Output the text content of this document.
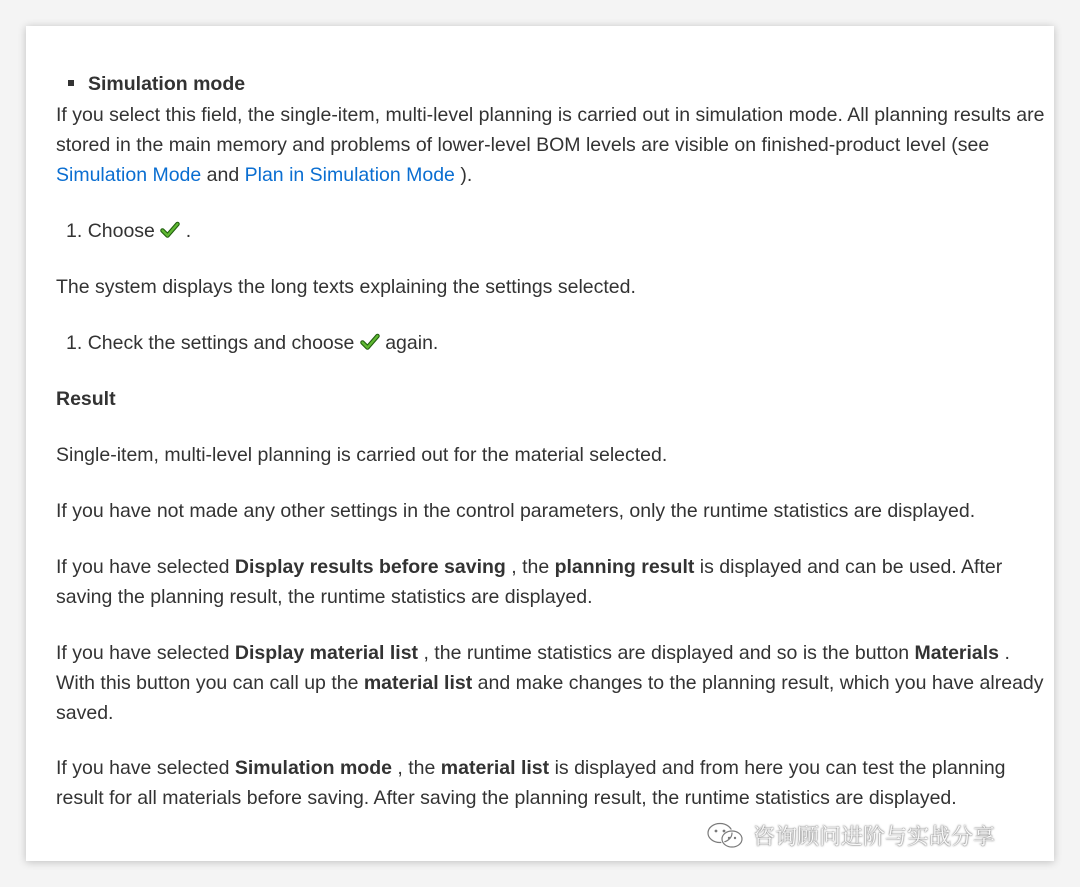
Simulation mode

If you select this field, the single-item, multi-level planning is carried out in simulation mode. All planning results are stored in the main memory and problems of lower-level BOM levels are visible on finished-product level (see Simulation Mode and Plan in Simulation Mode ).

1. Choose  .

The system displays the long texts explaining the settings selected.

1. Check the settings and choose  again.

Result

Single-item, multi-level planning is carried out for the material selected.

If you have not made any other settings in the control parameters, only the runtime statistics are displayed.

If you have selected Display results before saving , the planning result is displayed and can be used. After saving the planning result, the runtime statistics are displayed.

If you have selected Display material list , the runtime statistics are displayed and so is the button Materials . With this button you can call up the material list and make changes to the planning result, which you have already saved.

If you have selected Simulation mode , the material list is displayed and from here you can test the planning result for all materials before saving. After saving the planning result, the runtime statistics are displayed.

咨询顾问进阶与实战分享
